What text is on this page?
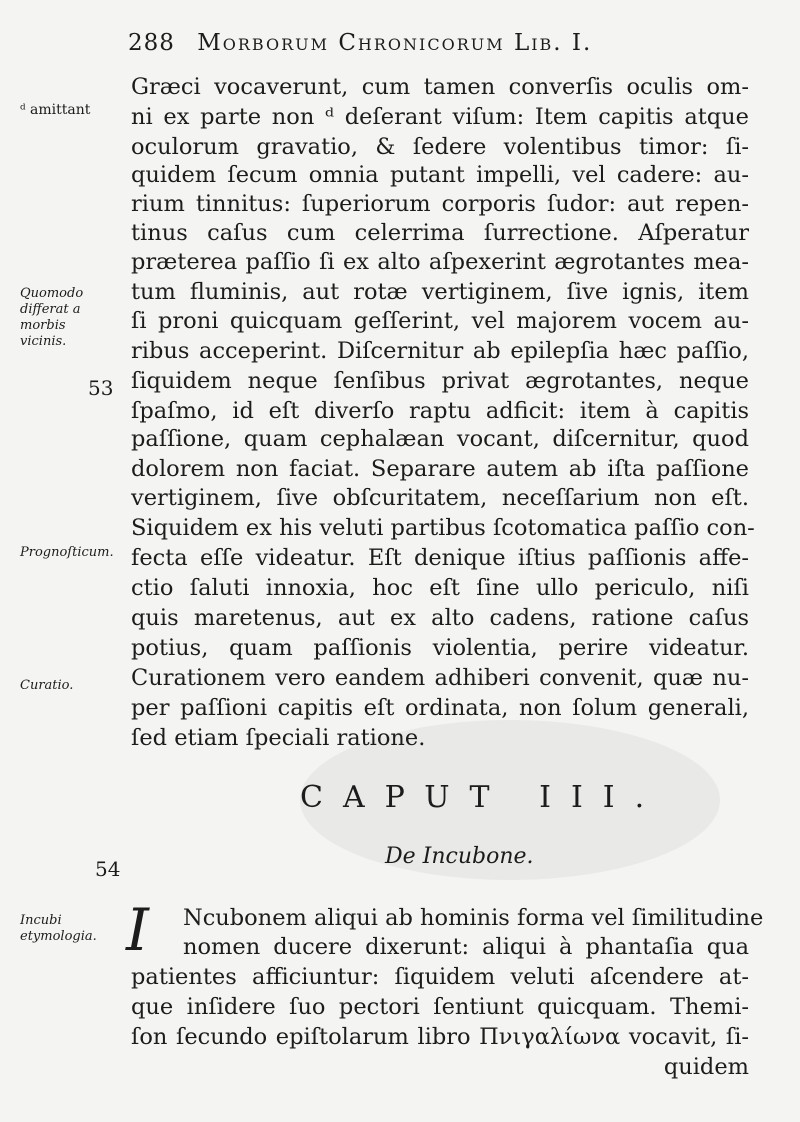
288 Morborum Chronicorum Lib. I.
Græci vocaverunt, cum tamen converſis oculis om-
ni ex parte non ᵈ deſerant viſum: Item capitis atque
oculorum gravatio, & ſedere volentibus timor: ſi-
quidem ſecum omnia putant impelli, vel cadere: au-
rium tinnitus: ſuperiorum corporis ſudor: aut repen-
tinus caſus cum celerrima ſurrectione. Aſperatur
præterea paſſio ſi ex alto aſpexerint ægrotantes mea-
tum fluminis, aut rotæ vertiginem, ſive ignis, item
ſi proni quicquam geſſerint, vel majorem vocem au-
ribus acceperint. Diſcernitur ab epilepſia hæc paſſio,
ſiquidem neque ſenſibus privat ægrotantes, neque
ſpaſmo, id eſt diverſo raptu adficit: item à capitis
paſſione, quam cephalæan vocant, diſcernitur, quod
dolorem non faciat. Separare autem ab iſta paſſione
vertiginem, ſive obſcuritatem, neceſſarium non eſt.
Siquidem ex his veluti partibus ſcotomatica paſſio con-
fecta eſſe videatur. Eſt denique iſtius paſſionis affe-
ctio ſaluti innoxia, hoc eſt ſine ullo periculo, niſi
quis maretenus, aut ex alto cadens, ratione caſus
potius, quam paſſionis violentia, perire videatur.
Curationem vero eandem adhiberi convenit, quæ nu-
per paſſioni capitis eſt ordinata, non ſolum generali,
ſed etiam ſpeciali ratione.
ᵈ amittant
Quomodo differat a morbis vicinis.
53
Prognoſticum.
Curatio.
54
Incubi etymologia.
CAPUT III.
De Incubone.
I Ncubonem aliqui ab hominis forma vel ſimilitudine
nomen ducere dixerunt: aliqui à phantaſia qua
patientes afficiuntur: ſiquidem veluti aſcendere at-
que inſidere ſuo pectori ſentiunt quicquam. Themi-
ſon ſecundo epiſtolarum libro Πνιγαλίωνα vocavit, ſi-
quidem
